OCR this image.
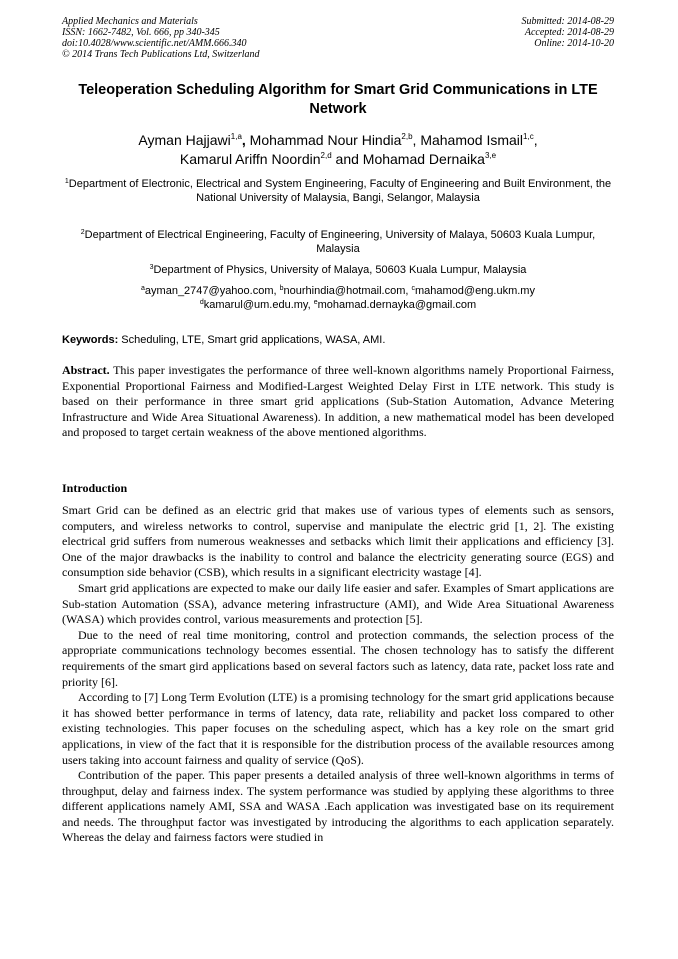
Applied Mechanics and Materials
ISSN: 1662-7482, Vol. 666, pp 340-345
doi:10.4028/www.scientific.net/AMM.666.340
© 2014 Trans Tech Publications Ltd, Switzerland
Submitted: 2014-08-29
Accepted: 2014-08-29
Online: 2014-10-20
Teleoperation Scheduling Algorithm for Smart Grid Communications in LTE Network
Ayman Hajjawi$^{1,a}$, Mohammad Nour Hindia$^{2,b}$, Mahamod Ismail$^{1,c}$,
Kamarul Ariffn Noordin$^{2,d}$ and Mohamad Dernaika$^{3,e}$
$^1$Department of Electronic, Electrical and System Engineering, Faculty of Engineering and Built Environment, the National University of Malaysia, Bangi, Selangor, Malaysia
$^2$Department of Electrical Engineering, Faculty of Engineering, University of Malaya, 50603 Kuala Lumpur, Malaysia
$^3$Department of Physics, University of Malaya, 50603 Kuala Lumpur, Malaysia
$^a$ayman_2747@yahoo.com, $^b$nourhindia@hotmail.com, $^c$mahamod@eng.ukm.my
$^d$kamarul@um.edu.my, $^e$mohamad.dernayka@gmail.com
Keywords: Scheduling, LTE, Smart grid applications, WASA, AMI.
Abstract. This paper investigates the performance of three well-known algorithms namely Proportional Fairness, Exponential Proportional Fairness and Modified-Largest Weighted Delay First in LTE network. This study is based on their performance in three smart grid applications (Sub-Station Automation, Advance Metering Infrastructure and Wide Area Situational Awareness). In addition, a new mathematical model has been developed and proposed to target certain weakness of the above mentioned algorithms.
Introduction

Smart Grid can be defined as an electric grid that makes use of various types of elements such as sensors, computers, and wireless networks to control, supervise and manipulate the electric grid [1, 2]. The existing electrical grid suffers from numerous weaknesses and setbacks which limit their applications and efficiency [3]. One of the major drawbacks is the inability to control and balance the electricity generating source (EGS) and consumption side behavior (CSB), which results in a significant electricity wastage [4].

Smart grid applications are expected to make our daily life easier and safer. Examples of Smart applications are Sub-station Automation (SSA), advance metering infrastructure (AMI), and Wide Area Situational Awareness (WASA) which provides control, various measurements and protection [5].

Due to the need of real time monitoring, control and protection commands, the selection process of the appropriate communications technology becomes essential. The chosen technology has to satisfy the different requirements of the smart gird applications based on several factors such as latency, data rate, packet loss rate and priority [6].

According to [7] Long Term Evolution (LTE) is a promising technology for the smart grid applications because it has showed better performance in terms of latency, data rate, reliability and packet loss compared to other existing technologies. This paper focuses on the scheduling aspect, which has a key role on the smart grid applications, in view of the fact that it is responsible for the distribution process of the available resources among users taking into account fairness and quality of service (QoS).

Contribution of the paper. This paper presents a detailed analysis of three well-known algorithms in terms of throughput, delay and fairness index. The system performance was studied by applying these algorithms to three different applications namely AMI, SSA and WASA .Each application was investigated base on its requirement and needs. The throughput factor was investigated by introducing the algorithms to each application separately. Whereas the delay and fairness factors were studied in
